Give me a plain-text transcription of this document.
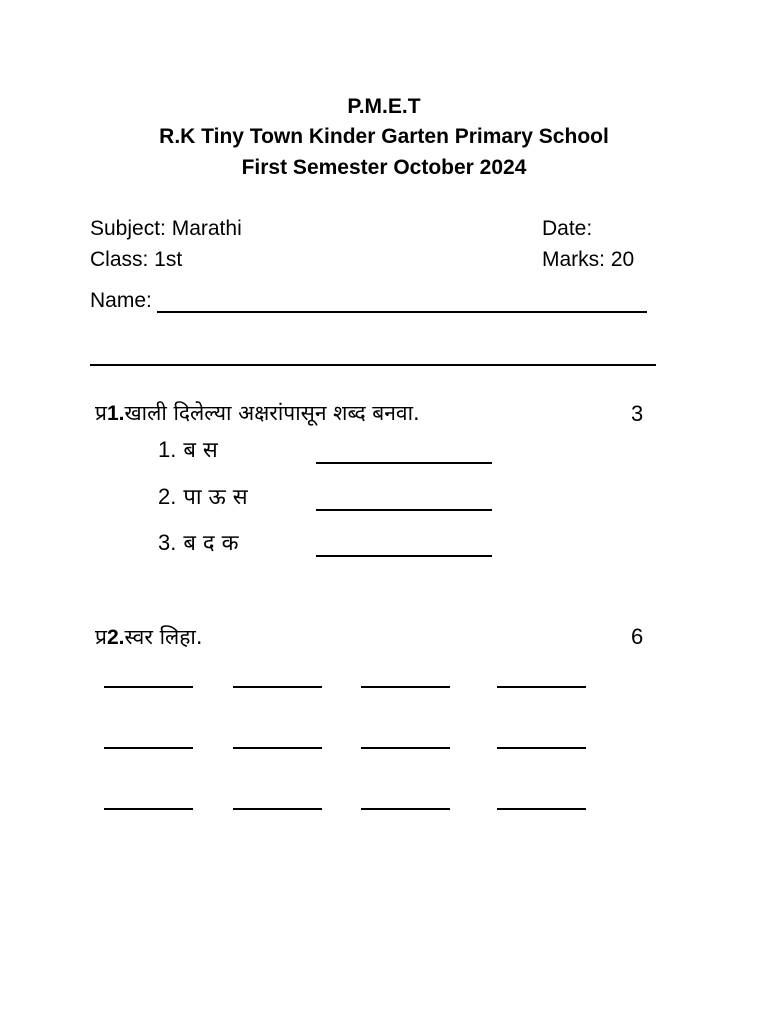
P.M.E.T
R.K Tiny Town Kinder Garten Primary School
First Semester October 2024
Subject: Marathi
Class: 1st
Date:
Marks: 20
Name:
प्र1.खाली दिलेल्या अक्षरांपासून शब्द बनवा.	3
1. ब स
2. पा ऊ स
3. ब द क
प्र2.स्वर लिहा.	6
